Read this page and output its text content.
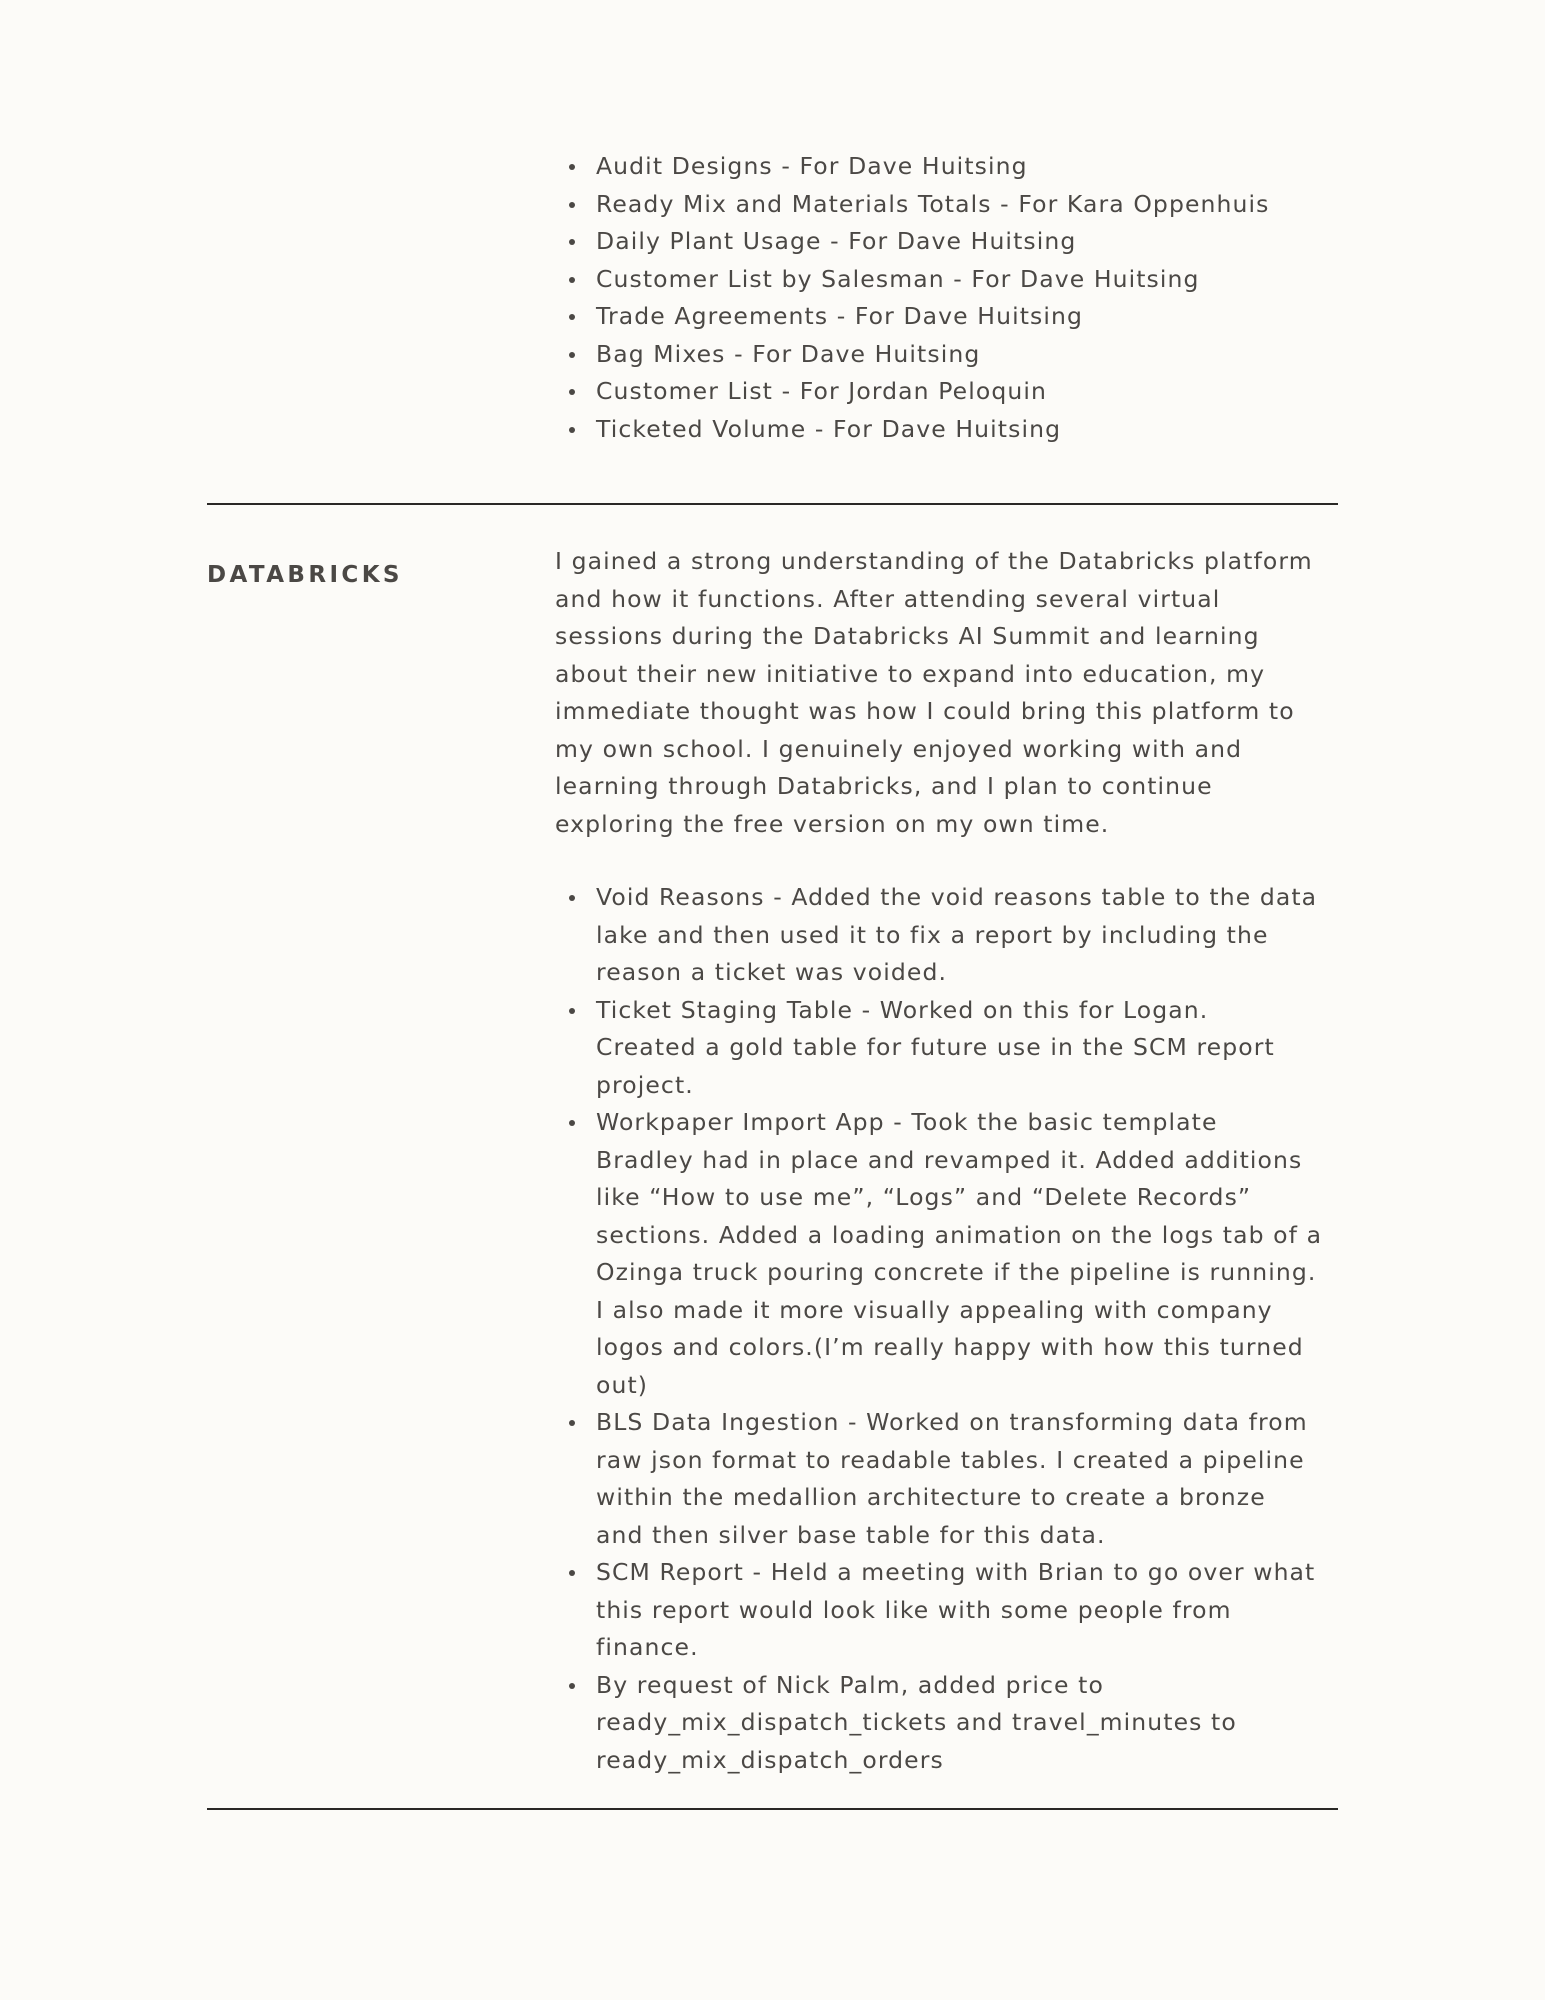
Audit Designs - For Dave Huitsing
Ready Mix and Materials Totals - For Kara Oppenhuis
Daily Plant Usage - For Dave Huitsing
Customer List by Salesman - For Dave Huitsing
Trade Agreements - For Dave Huitsing
Bag Mixes - For Dave Huitsing
Customer List - For Jordan Peloquin
Ticketed Volume - For Dave Huitsing
DATABRICKS	I gained a strong understanding of the Databricks platform
and how it functions. After attending several virtual
sessions during the Databricks AI Summit and learning
about their new initiative to expand into education, my
immediate thought was how I could bring this platform to
my own school. I genuinely enjoyed working with and
learning through Databricks, and I plan to continue
exploring the free version on my own time.
Void Reasons - Added the void reasons table to the data
lake and then used it to fix a report by including the
reason a ticket was voided.
Ticket Staging Table - Worked on this for Logan.
Created a gold table for future use in the SCM report
project.
Workpaper Import App - Took the basic template
Bradley had in place and revamped it. Added additions
like “How to use me”, “Logs” and “Delete Records”
sections. Added a loading animation on the logs tab of a
Ozinga truck pouring concrete if the pipeline is running.
I also made it more visually appealing with company
logos and colors.(I’m really happy with how this turned
out)
BLS Data Ingestion - Worked on transforming data from
raw json format to readable tables. I created a pipeline
within the medallion architecture to create a bronze
and then silver base table for this data.
SCM Report - Held a meeting with Brian to go over what
this report would look like with some people from
finance.
By request of Nick Palm, added price to
ready_mix_dispatch_tickets and travel_minutes to
ready_mix_dispatch_orders
